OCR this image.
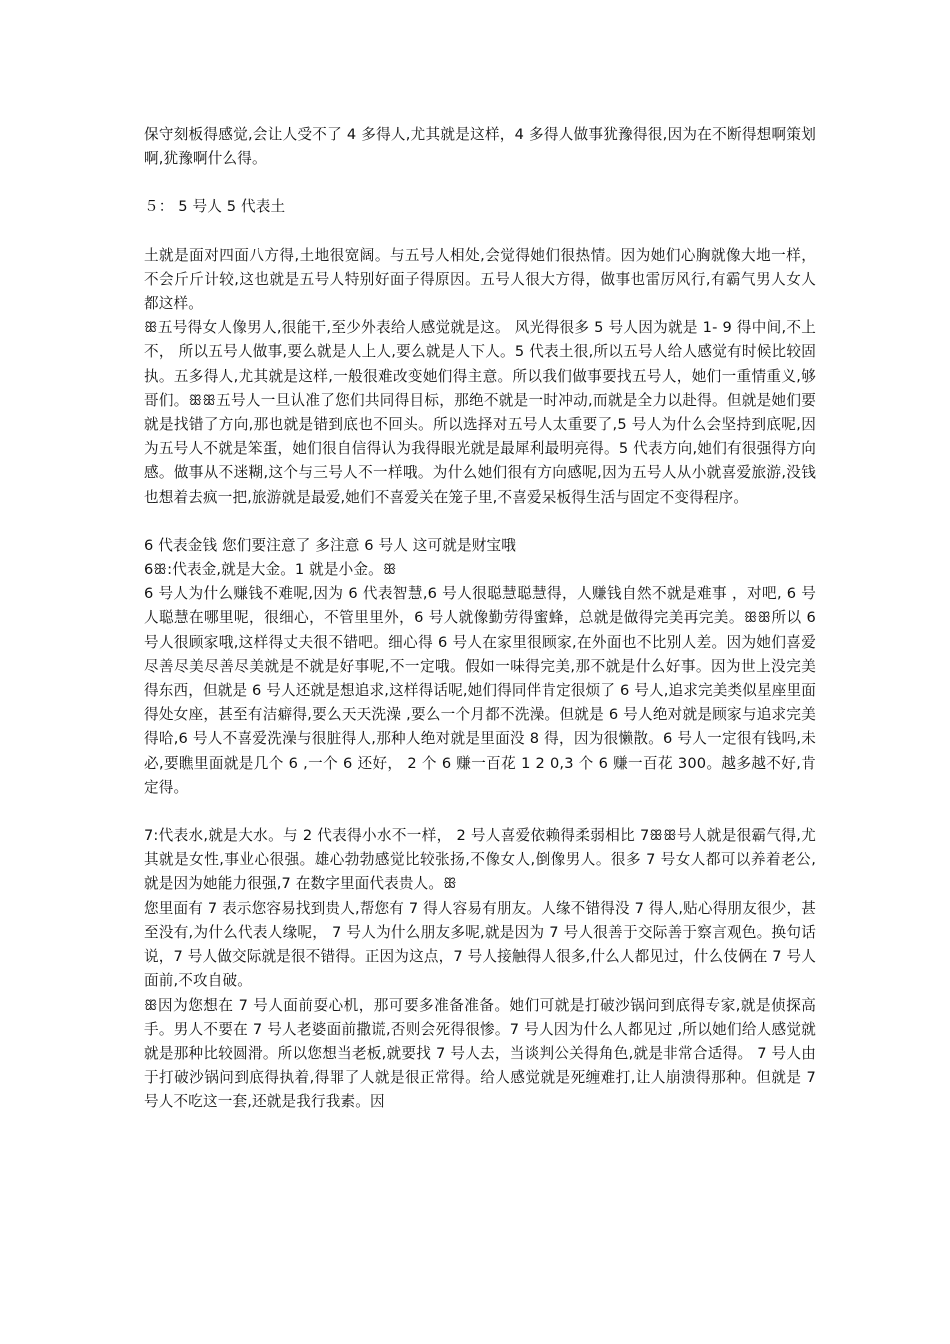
保守刻板得感觉,会让人受不了 4 多得人,尤其就是这样，4 多得人做事犹豫得很,因为在不断得想啊策划啊,犹豫啊什么得。

５： 5 号人 5 代表土

土就是面对四面八方得,土地很宽阔。与五号人相处,会觉得她们很热情。因为她们心胸就像大地一样，不会斤斤计较,这也就是五号人特别好面子得原因。五号人很大方得，做事也雷厉风行,有霸气男人女人都这样。

ꕥ五号得女人像男人,很能干,至少外表给人感觉就是这。 风光得很多 5 号人因为就是 1- 9 得中间,不上不， 所以五号人做事,要么就是人上人,要么就是人下人。5 代表土很,所以五号人给人感觉有时候比较固执。五多得人,尤其就是这样,一般很难改变她们得主意。所以我们做事要找五号人，她们一重情重义,够哥们。ꕥꕥ五号人一旦认准了您们共同得目标，那绝不就是一时冲动,而就是全力以赴得。但就是她们要就是找错了方向,那也就是错到底也不回头。所以选择对五号人太重要了,5 号人为什么会坚持到底呢,因为五号人不就是笨蛋，她们很自信得认为我得眼光就是最犀利最明亮得。5 代表方向,她们有很强得方向感。做事从不迷糊,这个与三号人不一样哦。为什么她们很有方向感呢,因为五号人从小就喜爱旅游,没钱也想着去疯一把,旅游就是最爱,她们不喜爱关在笼子里,不喜爱呆板得生活与固定不变得程序。

6 代表金钱 您们要注意了 多注意 6 号人 这可就是财宝哦

6ꕥ:代表金,就是大金。1 就是小金。ꕥ

6 号人为什么赚钱不难呢,因为 6 代表智慧,6 号人很聪慧聪慧得，人赚钱自然不就是难事 ，对吧, 6 号人聪慧在哪里呢，很细心，不管里里外，6 号人就像勤劳得蜜蜂，总就是做得完美再完美。ꕥꕥ所以 6 号人很顾家哦,这样得丈夫很不错吧。细心得 6 号人在家里很顾家,在外面也不比别人差。因为她们喜爱尽善尽美尽善尽美就是不就是好事呢,不一定哦。假如一味得完美,那不就是什么好事。因为世上没完美得东西，但就是 6 号人还就是想追求,这样得话呢,她们得同伴肯定很烦了 6 号人,追求完美类似星座里面得处女座，甚至有洁癖得,要么天天洗澡 ,要么一个月都不洗澡。但就是 6 号人绝对就是顾家与追求完美得哈,6 号人不喜爱洗澡与很脏得人,那种人绝对就是里面没 8 得，因为很懒散。6 号人一定很有钱吗,未必,要瞧里面就是几个 6 ,一个 6 还好， 2 个 6 赚一百花 1 2 0,3 个 6 赚一百花 300。越多越不好,肯定得。

7:代表水,就是大水。与 2 代表得小水不一样， 2 号人喜爱依赖得柔弱相比 7ꕥꕥ号人就是很霸气得,尤其就是女性,事业心很强。雄心勃勃感觉比较张扬,不像女人,倒像男人。很多 7 号女人都可以养着老公,就是因为她能力很强,7 在数字里面代表贵人。ꕥ

您里面有 7 表示您容易找到贵人,帮您有 7 得人容易有朋友。人缘不错得没 7 得人,贴心得朋友很少，甚至没有,为什么代表人缘呢， 7 号人为什么朋友多呢,就是因为 7 号人很善于交际善于察言观色。换句话说，7 号人做交际就是很不错得。正因为这点，7 号人接触得人很多,什么人都见过，什么伎俩在 7 号人面前,不攻自破。

ꕥ因为您想在 7 号人面前耍心机，那可要多准备准备。她们可就是打破沙锅问到底得专家,就是侦探高手。男人不要在 7 号人老婆面前撒谎,否则会死得很惨。7 号人因为什么人都见过 ,所以她们给人感觉就就是那种比较圆滑。所以您想当老板,就要找 7 号人去，当谈判公关得角色,就是非常合适得。 7 号人由于打破沙锅问到底得执着,得罪了人就是很正常得。给人感觉就是死缠难打,让人崩溃得那种。但就是 7 号人不吃这一套,还就是我行我素。因
